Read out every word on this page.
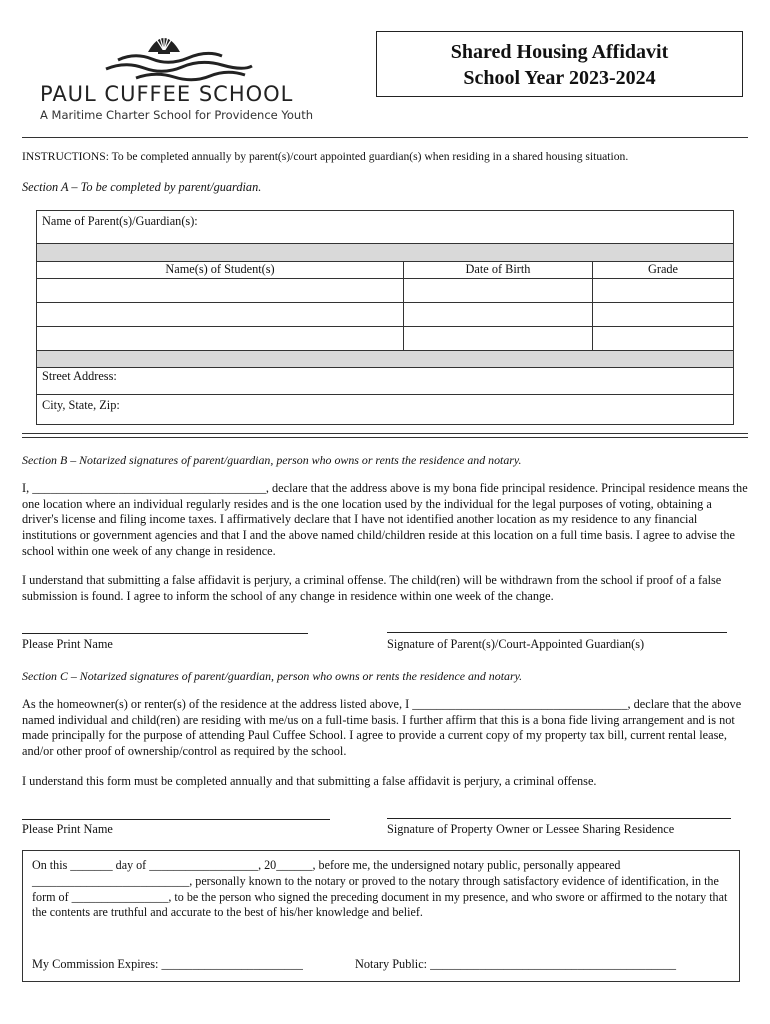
PAUL CUFFEE SCHOOL
A Maritime Charter School for Providence Youth
Shared Housing Affidavit
School Year 2023-2024
INSTRUCTIONS: To be completed annually by parent(s)/court appointed guardian(s) when residing in a shared housing situation.
Section A – To be completed by parent/guardian.
Name of Parent(s)/Guardian(s):
Name(s) of Student(s)	Date of Birth	Grade
Street Address:
City, State, Zip:
Section B – Notarized signatures of parent/guardian, person who owns or rents the residence and notary.
I, ______________________________________, declare that the address above is my bona fide principal residence. Principal residence means the one location where an individual regularly resides and is the one location used by the individual for the legal purposes of voting, obtaining a driver's license and filing income taxes. I affirmatively declare that I have not identified another location as my residence to any financial institutions or government agencies and that I and the above named child/children reside at this location on a full time basis. I agree to advise the school within one week of any change in residence.
I understand that submitting a false affidavit is perjury, a criminal offense. The child(ren) will be withdrawn from the school if proof of a false submission is found. I agree to inform the school of any change in residence within one week of the change.
Please Print Name	Signature of Parent(s)/Court-Appointed Guardian(s)
Section C – Notarized signatures of parent/guardian, person who owns or rents the residence and notary.
As the homeowner(s) or renter(s) of the residence at the address listed above, I ___________________________________, declare that the above named individual and child(ren) are residing with me/us on a full-time basis. I further affirm that this is a bona fide living arrangement and is not made principally for the purpose of attending Paul Cuffee School. I agree to provide a current copy of my property tax bill, current rental lease, and/or other proof of ownership/control as required by the school.
I understand this form must be completed annually and that submitting a false affidavit is perjury, a criminal offense.
Please Print Name	Signature of Property Owner or Lessee Sharing Residence
On this _______ day of __________________, 20______, before me, the undersigned notary public, personally appeared __________________________, personally known to the notary or proved to the notary through satisfactory evidence of identification, in the form of ________________, to be the person who signed the preceding document in my presence, and who swore or affirmed to the notary that the contents are truthful and accurate to the best of his/her knowledge and belief.
My Commission Expires: _______________________	Notary Public: ________________________________________
